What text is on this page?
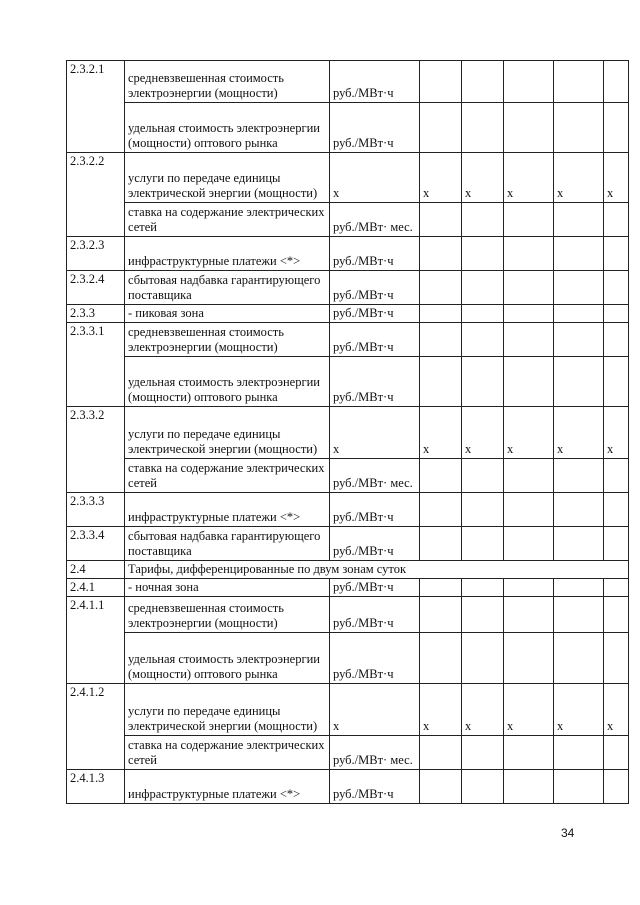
2.3.2.1	средневзвешенная стоимость электроэнергии (мощности)	руб./МВт·ч					
	удельная стоимость электроэнергии (мощности) оптового рынка	руб./МВт·ч					
2.3.2.2	услуги по передаче единицы электрической энергии (мощности)	х	х	х	х	х	х
	ставка на содержание электрических сетей	руб./МВт· мес.					
2.3.2.3	инфраструктурные платежи <*>	руб./МВт·ч					
2.3.2.4	сбытовая надбавка гарантирующего поставщика	руб./МВт·ч					
2.3.3	- пиковая зона	руб./МВт·ч					
2.3.3.1	средневзвешенная стоимость электроэнергии (мощности)	руб./МВт·ч					
	удельная стоимость электроэнергии (мощности) оптового рынка	руб./МВт·ч					
2.3.3.2	услуги по передаче единицы электрической энергии (мощности)	х	х	х	х	х	х
	ставка на содержание электрических сетей	руб./МВт· мес.					
2.3.3.3	инфраструктурные платежи <*>	руб./МВт·ч					
2.3.3.4	сбытовая надбавка гарантирующего поставщика	руб./МВт·ч					
2.4	Тарифы, дифференцированные по двум зонам суток						
2.4.1	- ночная зона	руб./МВт·ч					
2.4.1.1	средневзвешенная стоимость электроэнергии (мощности)	руб./МВт·ч					
	удельная стоимость электроэнергии (мощности) оптового рынка	руб./МВт·ч					
2.4.1.2	услуги по передаче единицы электрической энергии (мощности)	х	х	х	х	х	х
	ставка на содержание электрических сетей	руб./МВт· мес.					
2.4.1.3	инфраструктурные платежи <*>	руб./МВт·ч					
34
